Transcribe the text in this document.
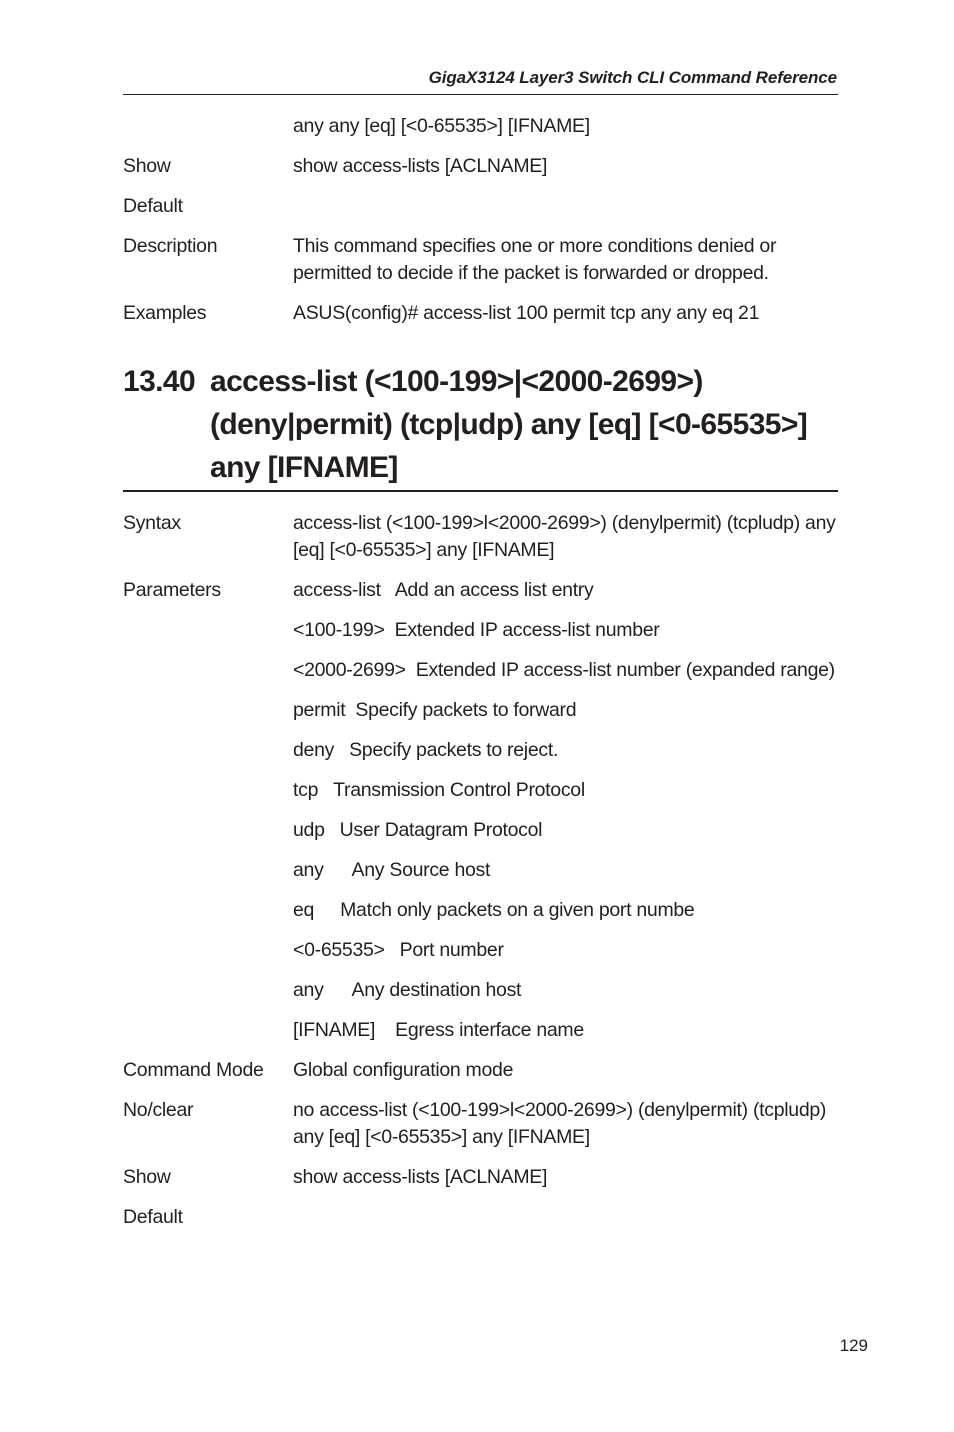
GigaX3124 Layer3 Switch CLI Command Reference
any any [eq] [<0-65535>] [IFNAME]
Show	show access-lists [ACLNAME]
Default
Description	This command specifies one or more conditions denied or permitted to decide if the packet is forwarded or dropped.
Examples	ASUS(config)# access-list 100 permit tcp any any eq 21
13.40 access-list (<100-199>|<2000-2699>) (deny|permit) (tcp|udp) any [eq] [<0-65535>] any [IFNAME]
Syntax	access-list (<100-199>l<2000-2699>) (denylpermit) (tcpludp) any [eq] [<0-65535>] any [IFNAME]
Parameters	access-list Add an access list entry
<100-199> Extended IP access-list number
<2000-2699> Extended IP access-list number (expanded range)
permit Specify packets to forward
deny Specify packets to reject.
tcp Transmission Control Protocol
udp User Datagram Protocol
any Any Source host
eq Match only packets on a given port numbe
<0-65535> Port number
any Any destination host
[IFNAME] Egress interface name
Command Mode	Global configuration mode
No/clear	no access-list (<100-199>l<2000-2699>) (denylpermit) (tcpludp) any [eq] [<0-65535>] any [IFNAME]
Show	show access-lists [ACLNAME]
Default
129
